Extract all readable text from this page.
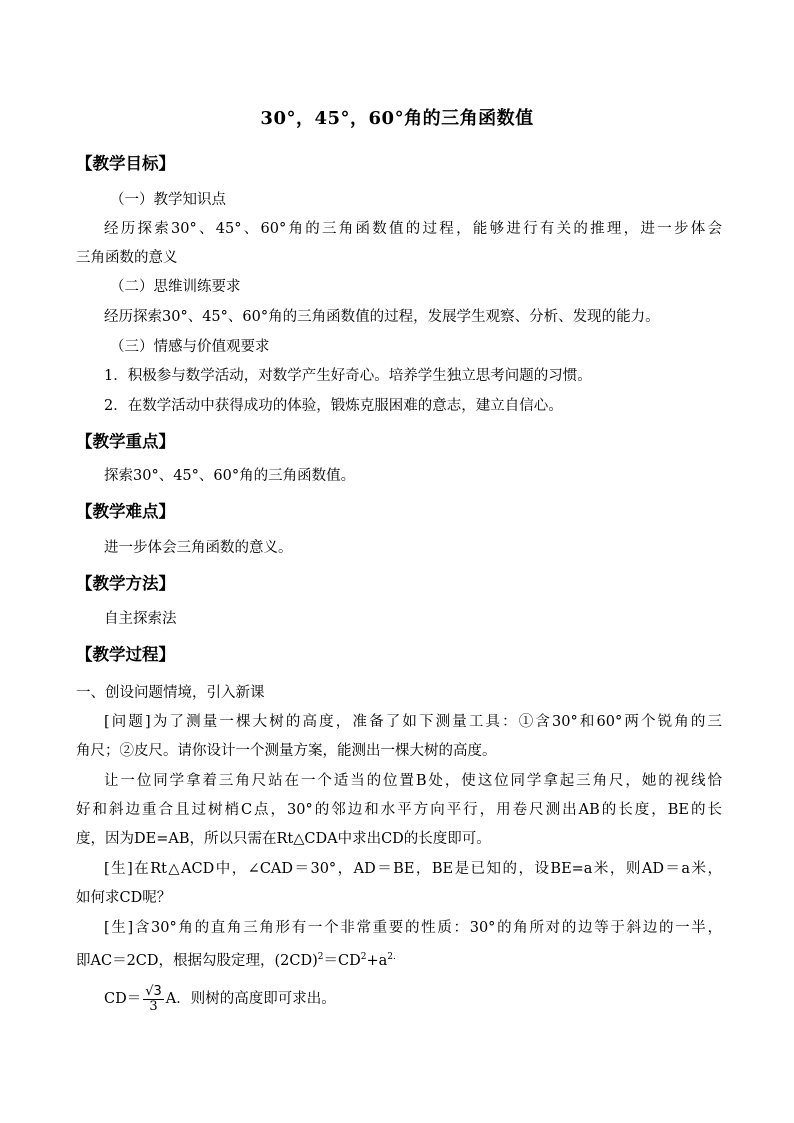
30°，45°，60°角的三角函数值
【教学目标】
（一）教学知识点
经历探索30°、45°、60°角的三角函数值的过程，能够进行有关的推理，进一步体会
三角函数的意义
（二）思维训练要求
经历探索30°、45°、60°角的三角函数值的过程，发展学生观察、分析、发现的能力。
（三）情感与价值观要求
1．积极参与数学活动，对数学产生好奇心。培养学生独立思考问题的习惯。
2．在数学活动中获得成功的体验，锻炼克服困难的意志，建立自信心。
【教学重点】
探索30°、45°、60°角的三角函数值。
【教学难点】
进一步体会三角函数的意义。
【教学方法】
自主探索法
【教学过程】
一、创设问题情境，引入新课
[问题]为了测量一棵大树的高度，准备了如下测量工具：①含30°和60°两个锐角的三
角尺；②皮尺。请你设计一个测量方案，能测出一棵大树的高度。
让一位同学拿着三角尺站在一个适当的位置B处，使这位同学拿起三角尺，她的视线恰
好和斜边重合且过树梢C点，30°的邻边和水平方向平行，用卷尺测出AB的长度，BE的长
度，因为DE=AB，所以只需在Rt△CDA中求出CD的长度即可。
[生]在Rt△ACD中，∠CAD＝30°，AD＝BE，BE是已知的，设BE=a米，则AD＝a米，
如何求CD呢？
[生]含30°角的直角三角形有一个非常重要的性质：30°的角所对的边等于斜边的一半，
即AC＝2CD，根据勾股定理，$(2CD)^2=CD^2+a^{2.}$
$CD= \frac{√3}{3}$ A．则树的高度即可求出。
